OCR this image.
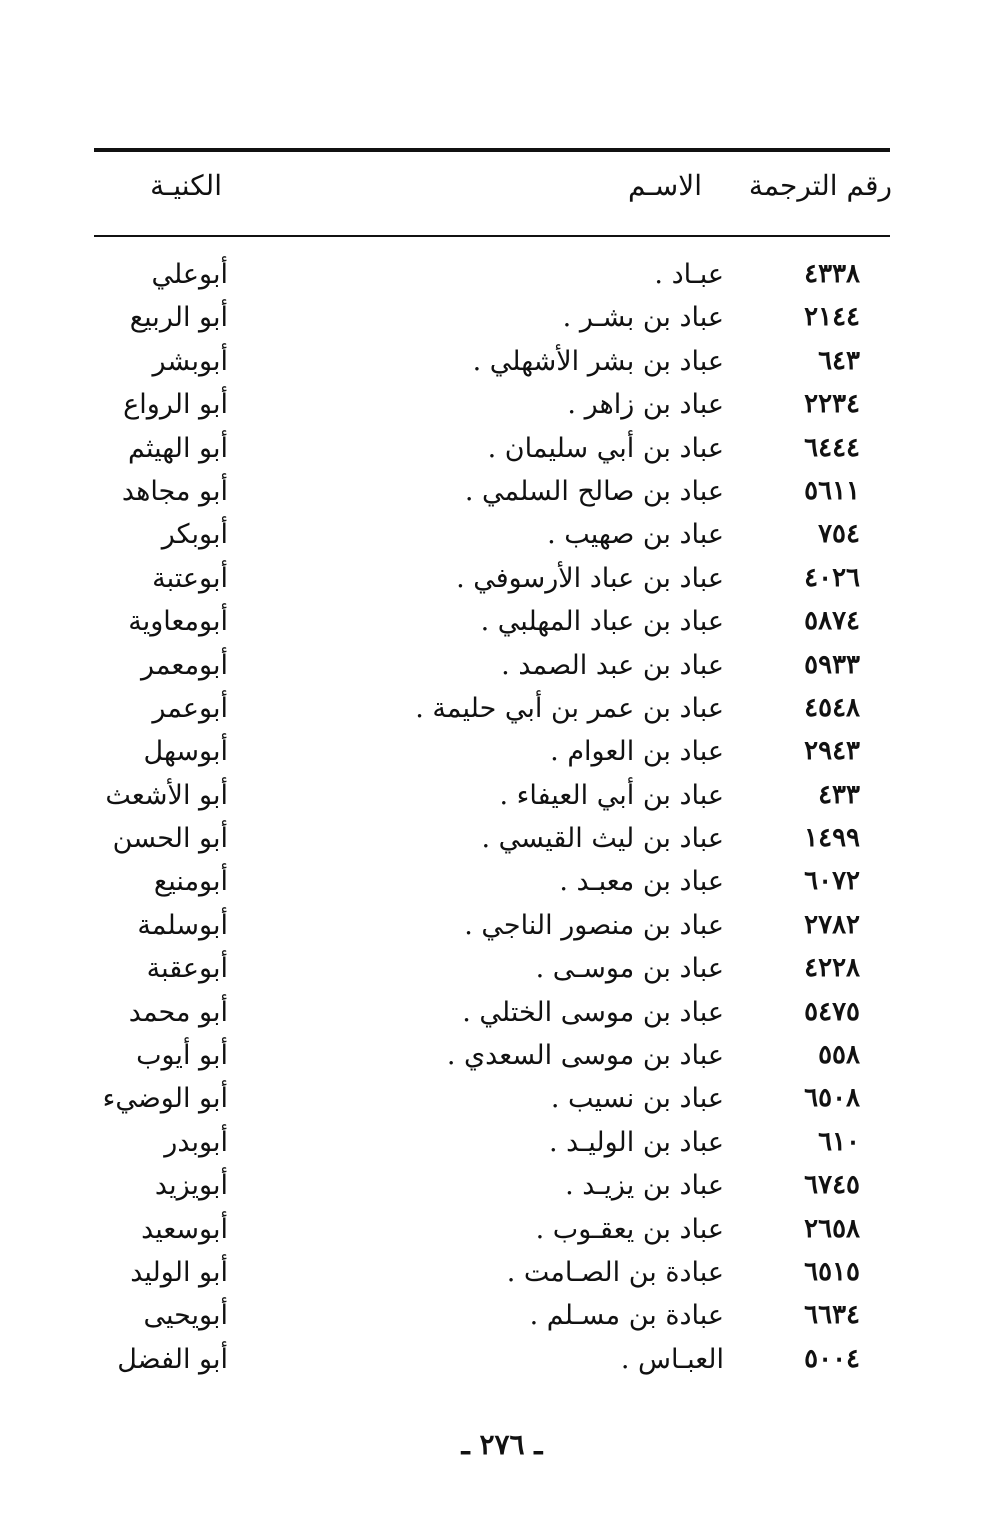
رقم الترجمة
الاسـم
الكنيـة
٤٣٣٨
عبـاد .
أبوعلي
٢١٤٤
عباد بن بشـر .
أبو الربيع
٦٤٣
عباد بن بشر الأشهلي .
أبوبشر
٢٢٣٤
عباد بن زاهر .
أبو الرواع
٦٤٤٤
عباد بن أبي سليمان .
أبو الهيثم
٥٦١١
عباد بن صالح السلمي .
أبو مجاهد
٧٥٤
عباد بن صهيب .
أبوبكر
٤٠٢٦
عباد بن عباد الأرسوفي .
أبوعتبة
٥٨٧٤
عباد بن عباد المهلبي .
أبومعاوية
٥٩٣٣
عباد بن عبد الصمد .
أبومعمر
٤٥٤٨
عباد بن عمر بن أبي حليمة .
أبوعمر
٢٩٤٣
عباد بن العوام .
أبوسهل
٤٣٣
عباد بن أبي العيفاء .
أبو الأشعث
١٤٩٩
عباد بن ليث القيسي .
أبو الحسن
٦٠٧٢
عباد بن معبـد .
أبومنيع
٢٧٨٢
عباد بن منصور الناجي .
أبوسلمة
٤٢٢٨
عباد بن موسـى .
أبوعقبة
٥٤٧٥
عباد بن موسى الختلي .
أبو محمد
٥٥٨
عباد بن موسى السعدي .
أبو أيوب
٦٥٠٨
عباد بن نسيب .
أبو الوضيء
٦١٠
عباد بن الوليـد .
أبوبدر
٦٧٤٥
عباد بن يزيـد .
أبويزيد
٢٦٥٨
عباد بن يعقـوب .
أبوسعيد
٦٥١٥
عبادة بن الصـامت .
أبو الوليد
٦٦٣٤
عبادة بن مسـلم .
أبويحيى
٥٠٠٤
العبـاس .
أبو الفضل
ـ ٢٧٦ ـ
